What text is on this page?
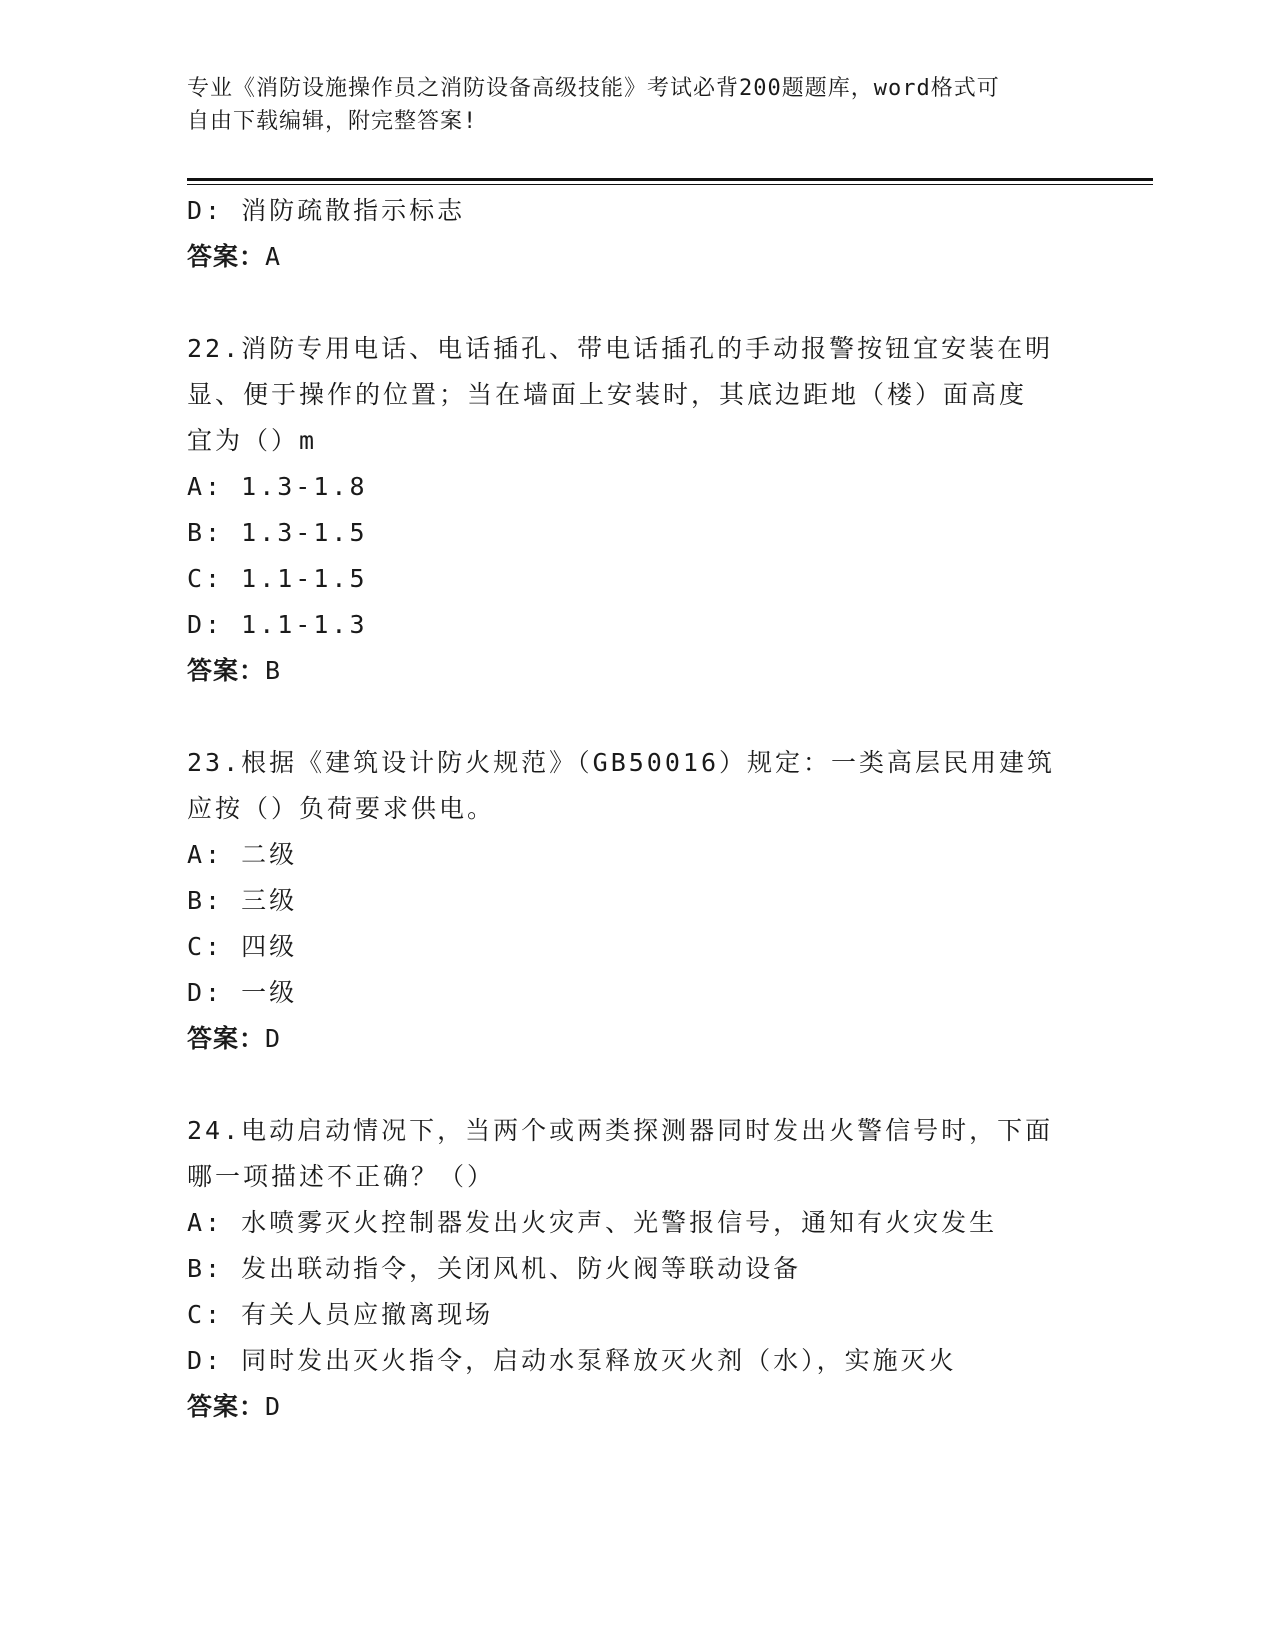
专业《消防设施操作员之消防设备高级技能》考试必背200题题库，word格式可
自由下载编辑，附完整答案!
D: 消防疏散指示标志
答案：A
22.消防专用电话、电话插孔、带电话插孔的手动报警按钮宜安装在明
显、便于操作的位置；当在墙面上安装时，其底边距地（楼）面高度
宜为（）m
A: 1.3-1.8
B: 1.3-1.5
C: 1.1-1.5
D: 1.1-1.3
答案：B
23.根据《建筑设计防火规范》（GB50016）规定：一类高层民用建筑
应按（）负荷要求供电。
A: 二级
B: 三级
C: 四级
D: 一级
答案：D
24.电动启动情况下，当两个或两类探测器同时发出火警信号时，下面
哪一项描述不正确？（）
A: 水喷雾灭火控制器发出火灾声、光警报信号，通知有火灾发生
B: 发出联动指令，关闭风机、防火阀等联动设备
C: 有关人员应撤离现场
D: 同时发出灭火指令，启动水泵释放灭火剂（水），实施灭火
答案：D
